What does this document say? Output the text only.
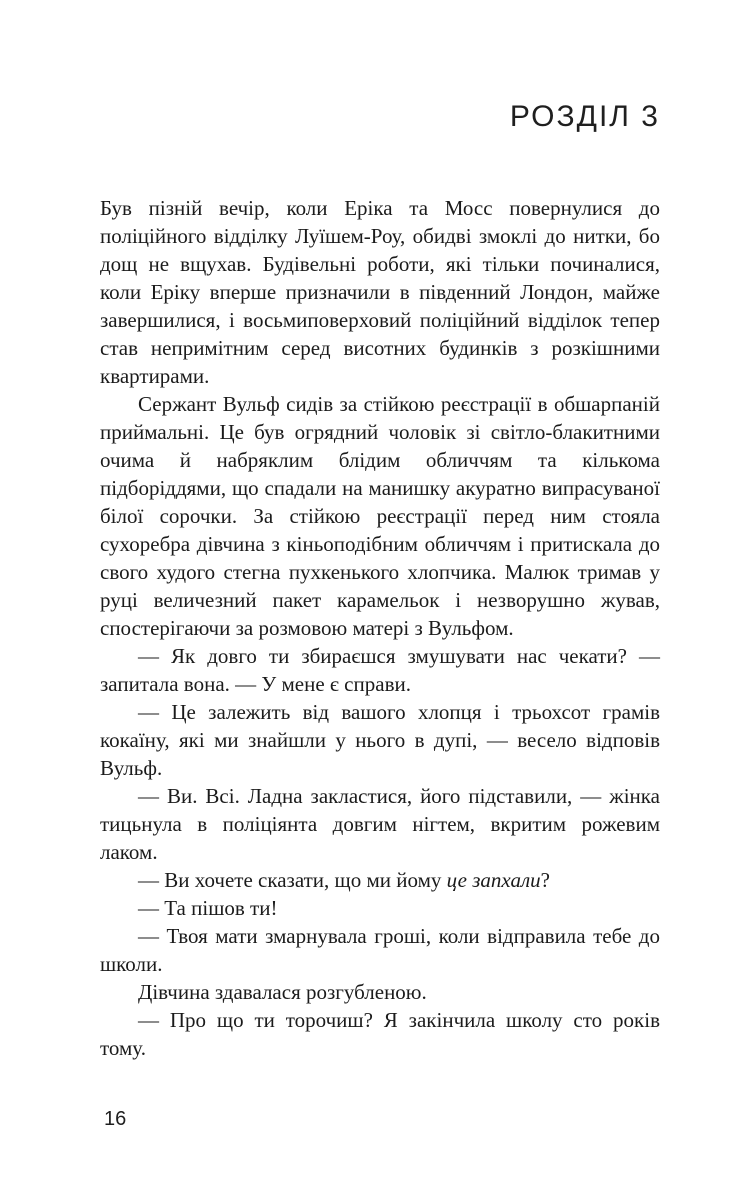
РОЗДІЛ 3

Був пізній вечір, коли Еріка та Мосс повернулися до поліційного відділку Луїшем-Роу, обидві змоклі до нитки, бо дощ не вщухав. Будівельні роботи, які тільки починалися, коли Еріку вперше призначили в південний Лондон, майже завершилися, і восьмиповерховий поліційний відділок тепер став непримітним серед висотних будинків з розкішними квартирами.

Сержант Вульф сидів за стійкою реєстрації в обшарпаній приймальні. Це був огрядний чоловік зі світло-блакитними очима й набряклим блідим обличчям та кількома підборіддями, що спадали на манишку акуратно випрасуваної білої сорочки. За стійкою реєстрації перед ним стояла сухоребра дівчина з кіньоподібним обличчям і притискала до свого худого стегна пухкенького хлопчика. Малюк тримав у руці величезний пакет карамельок і незворушно жував, спостерігаючи за розмовою матері з Вульфом.

— Як довго ти збираєшся змушувати нас чекати? — запитала вона. — У мене є справи.

— Це залежить від вашого хлопця і трьохсот грамів кокаїну, які ми знайшли у нього в дупі, — весело відповів Вульф.

— Ви. Всі. Ладна закластися, його підставили, — жінка тицьнула в поліціянта довгим нігтем, вкритим рожевим лаком.

— Ви хочете сказати, що ми йому це запхали?

— Та пішов ти!

— Твоя мати змарнувала гроші, коли відправила тебе до школи.

Дівчина здавалася розгубленою.

— Про що ти торочиш? Я закінчила школу сто років тому.

16
